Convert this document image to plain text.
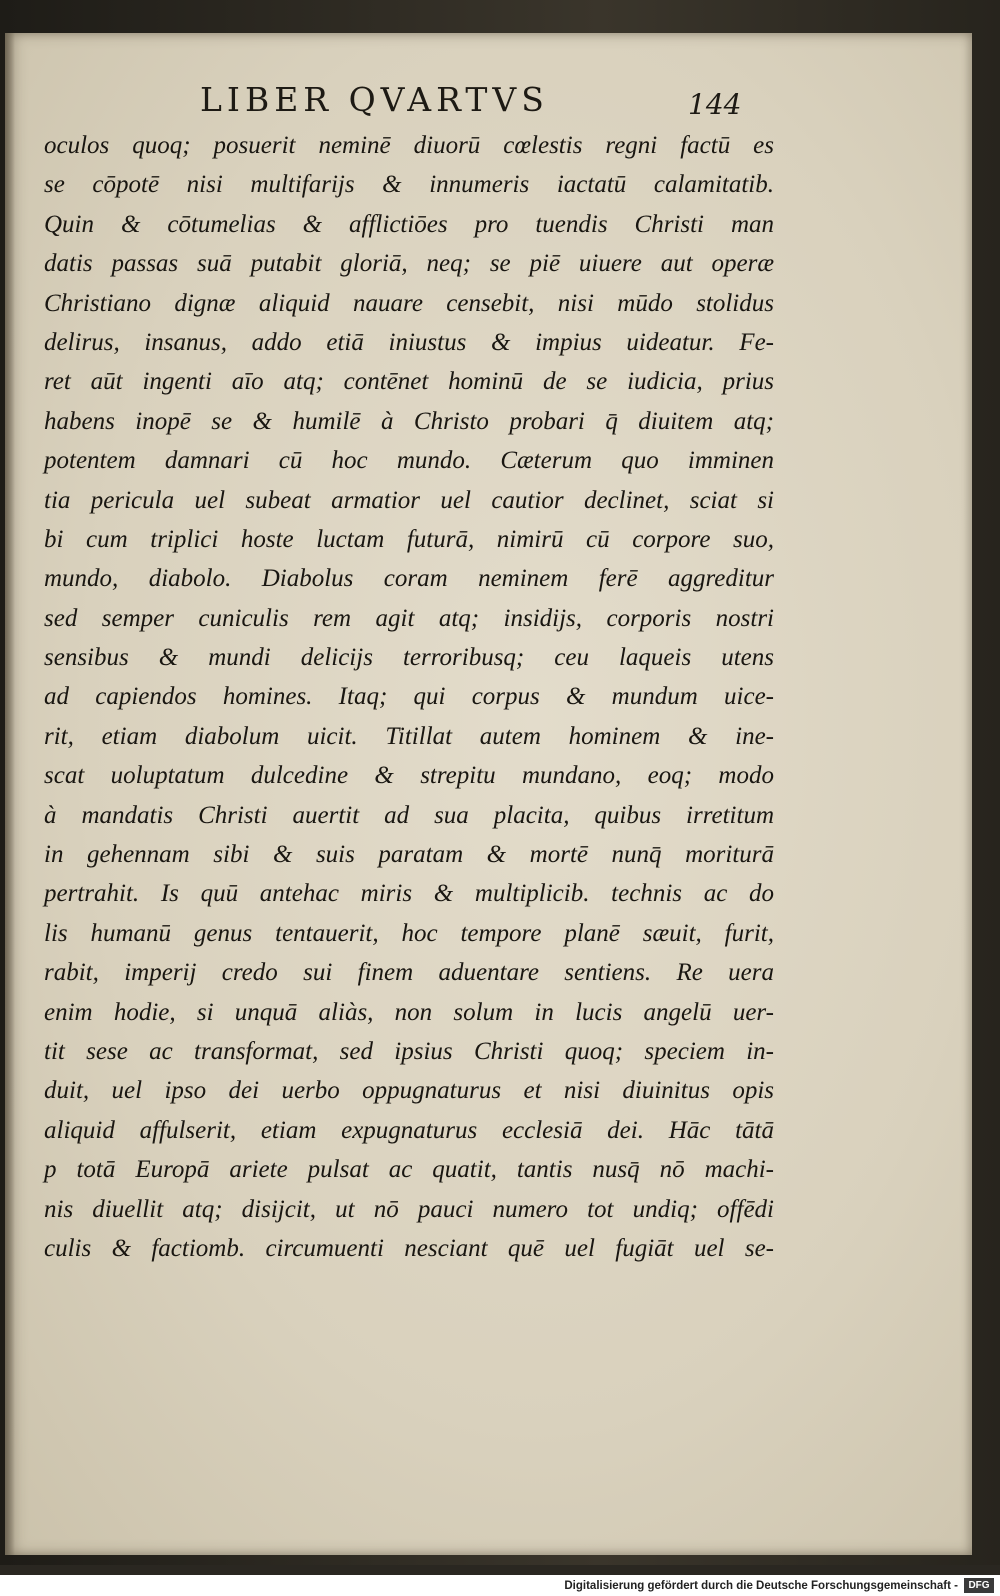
LIBER QVARTVS	144
oculos quoq; posuerit neminē diuorū cœlestis regni factū es
se cōpotē nisi multifarijs & innumeris iactatū calamitatib.
Quin & cōtumelias & afflictiōes pro tuendis Christi man
datis passas suā putabit gloriā, neq; se piē uiuere aut operæ
Christiano dignæ aliquid nauare censebit, nisi mūdo stolidus
delirus, insanus, addo etiā iniustus & impius uideatur. Fe-
ret aūt ingenti aīo atq; contēnet hominū de se iudicia, prius
habens inopē se & humilē à Christo probari q̄ diuitem atq;
potentem damnari cū hoc mundo. Cæterum quo imminen
tia pericula uel subeat armatior uel cautior declinet, sciat si
bi cum triplici hoste luctam futurā, nimirū cū corpore suo,
mundo, diabolo. Diabolus coram neminem ferē aggreditur
sed semper cuniculis rem agit atq; insidijs, corporis nostri
sensibus & mundi delicijs terroribusq; ceu laqueis utens
ad capiendos homines. Itaq; qui corpus & mundum uice-
rit, etiam diabolum uicit. Titillat autem hominem & ine-
scat uoluptatum dulcedine & strepitu mundano, eoq; modo
à mandatis Christi auertit ad sua placita, quibus irretitum
in gehennam sibi & suis paratam & mortē nunq̄ moriturā
pertrahit. Is quū antehac miris & multiplicib. technis ac do
lis humanū genus tentauerit, hoc tempore planē sæuit, furit,
rabit, imperij credo sui finem aduentare sentiens. Re uera
enim hodie, si unquā aliàs, non solum in lucis angelū uer-
tit sese ac transformat, sed ipsius Christi quoq; speciem in-
duit, uel ipso dei uerbo oppugnaturus et nisi diuinitus opis
aliquid affulserit, etiam expugnaturus ecclesiā dei. Hāc tātā
p totā Europā ariete pulsat ac quatit, tantis nusq̄ nō machi-
nis diuellit atq; disijcit, ut nō pauci numero tot undiq; offēdi
culis & factiomb. circumuenti nesciant quē uel fugiāt uel se-
Digitalisierung gefördert durch die Deutsche Forschungsgemeinschaft -	DFG
